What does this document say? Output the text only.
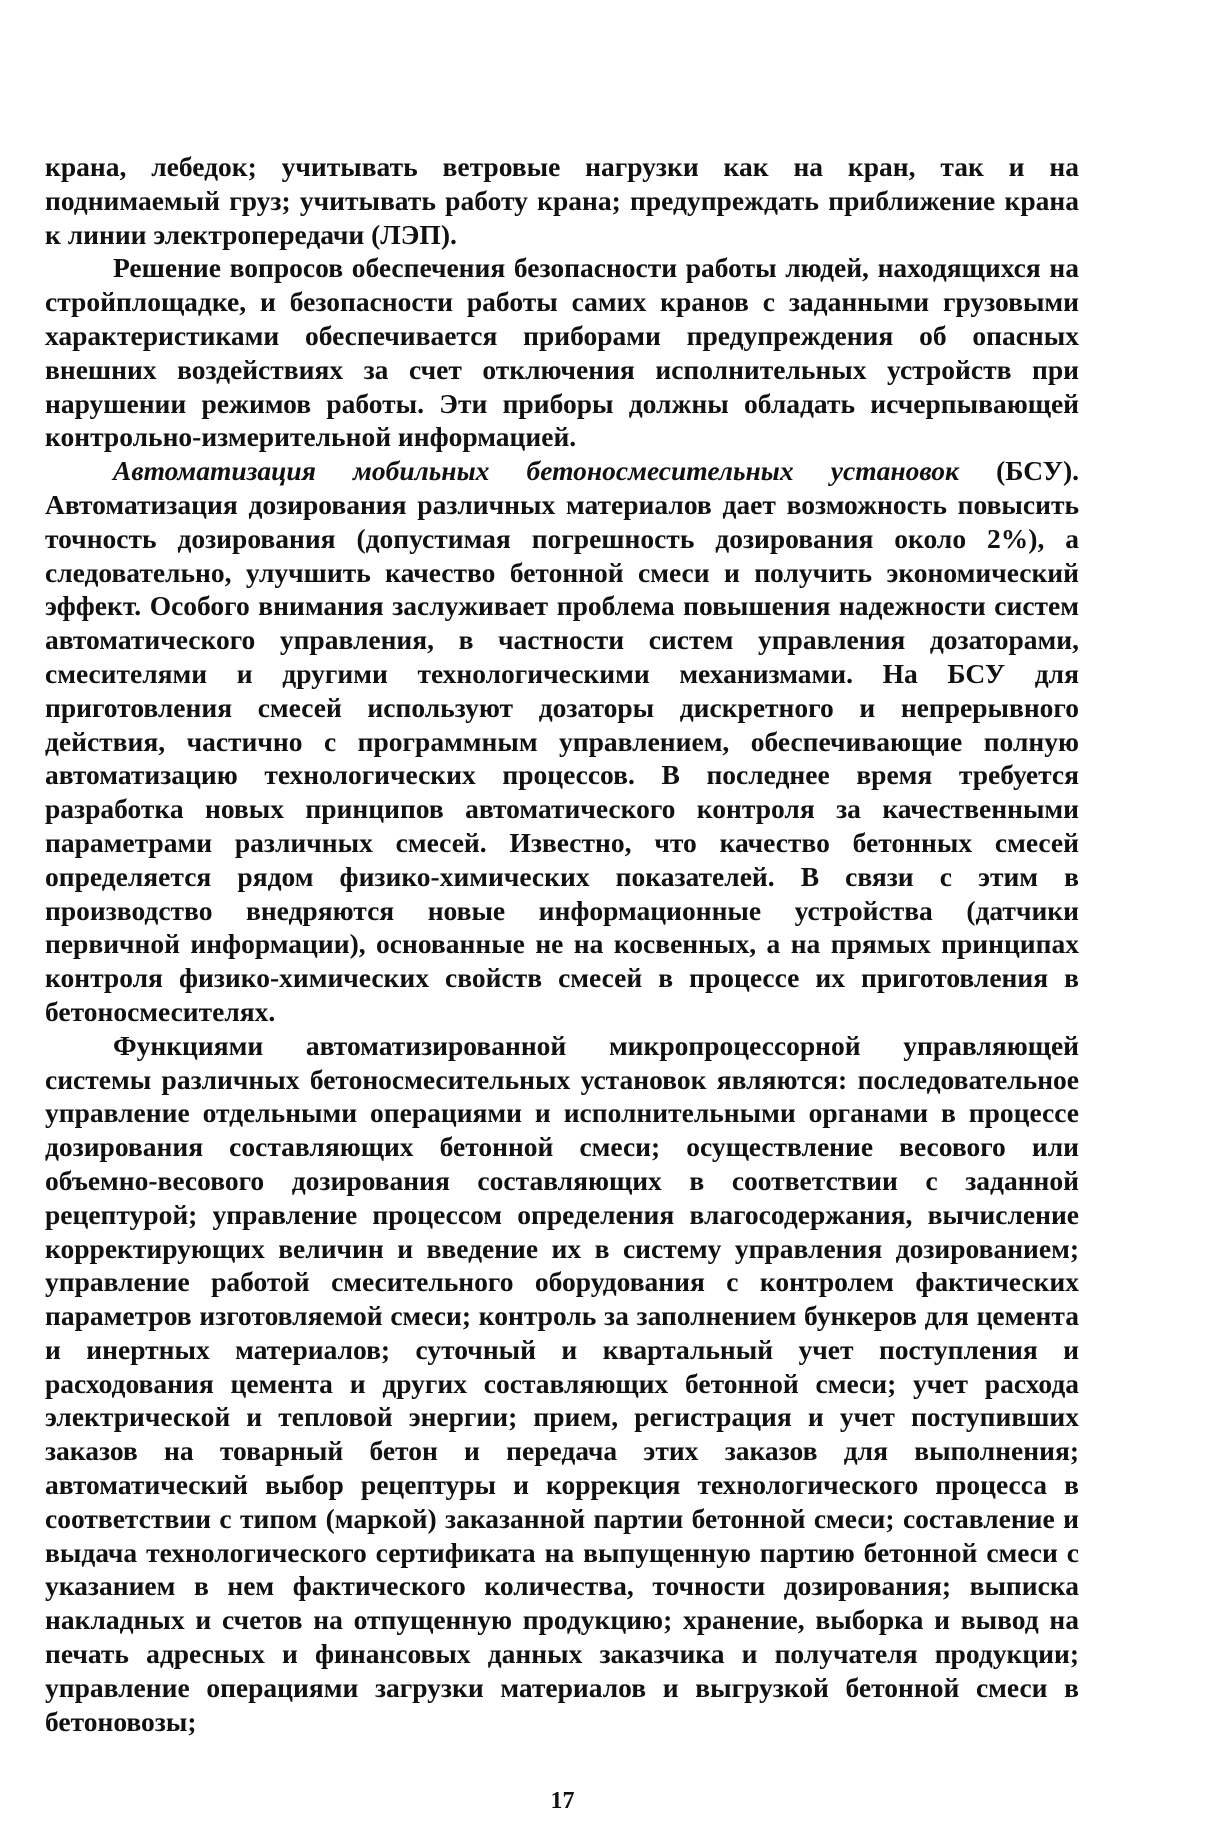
крана, лебедок; учитывать ветровые нагрузки как на кран, так и на поднимаемый груз; учитывать работу крана; предупреждать приближение крана к линии электропередачи (ЛЭП).

Решение вопросов обеспечения безопасности работы людей, находящихся на стройплощадке, и безопасности работы самих кранов с заданными грузовыми характеристиками обеспечивается приборами предупреждения об опасных внешних воздействиях за счет отключения исполнительных устройств при нарушении режимов работы. Эти приборы должны обладать исчерпывающей контрольно-измерительной информацией.

Автоматизация мобильных бетоносмесительных установок (БСУ). Автоматизация дозирования различных материалов дает возможность повысить точность дозирования (допустимая погрешность дозирования около 2%), а следовательно, улучшить качество бетонной смеси и получить экономический эффект. Особого внимания заслуживает проблема повышения надежности систем автоматического управления, в частности систем управления дозаторами, смесителями и другими технологическими механизмами. На БСУ для приготовления смесей используют дозаторы дискретного и непрерывного действия, частично с программным управлением, обеспечивающие полную автоматизацию технологических процессов. В последнее время требуется разработка новых принципов автоматического контроля за качественными параметрами различных смесей. Известно, что качество бетонных смесей определяется рядом физико-химических показателей. В связи с этим в производство внедряются новые информационные устройства (датчики первичной информации), основанные не на косвенных, а на прямых принципах контроля физико-химических свойств смесей в процессе их приготовления в бетоносмесителях.

Функциями автоматизированной микропроцессорной управляющей системы различных бетоносмесительных установок являются: последовательное управление отдельными операциями и исполнительными органами в процессе дозирования составляющих бетонной смеси; осуществление весового или объемно-весового дозирования составляющих в соответствии с заданной рецептурой; управление процессом определения влагосодержания, вычисление корректирующих величин и введение их в систему управления дозированием; управление работой смесительного оборудования с контролем фактических параметров изготовляемой смеси; контроль за заполнением бункеров для цемента и инертных материалов; суточный и квартальный учет поступления и расходования цемента и других составляющих бетонной смеси; учет расхода электрической и тепловой энергии; прием, регистрация и учет поступивших заказов на товарный бетон и передача этих заказов для выполнения; автоматический выбор рецептуры и коррекция технологического процесса в соответствии с типом (маркой) заказанной партии бетонной смеси; составление и выдача технологического сертификата на выпущенную партию бетонной смеси с указанием в нем фактического количества, точности дозирования; выписка накладных и счетов на отпущенную продукцию; хранение, выборка и вывод на печать адресных и финансовых данных заказчика и получателя продукции; управление операциями загрузки материалов и выгрузкой бетонной смеси в бетоновозы;

17
